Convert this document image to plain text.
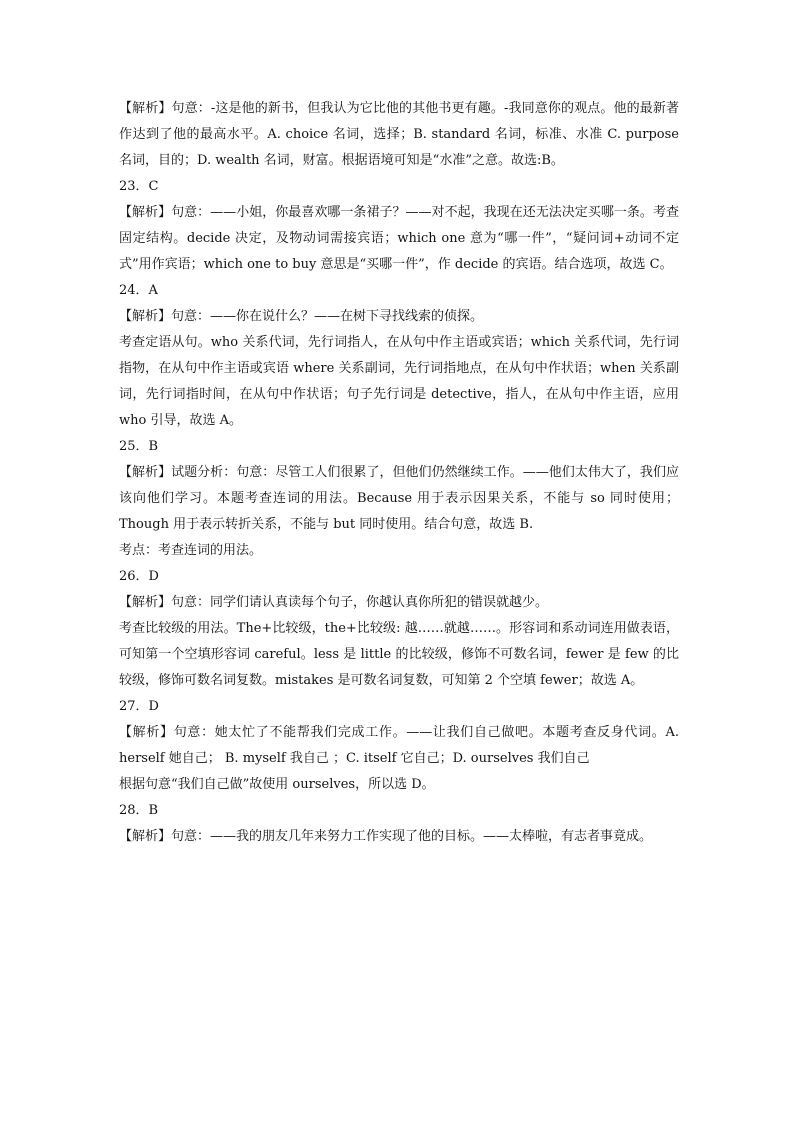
【解析】句意：-这是他的新书，但我认为它比他的其他书更有趣。-我同意你的观点。他的最新著作达到了他的最高水平。A. choice 名词，选择；B. standard 名词，标准、水准 C. purpose 名词，目的；D. wealth 名词，财富。根据语境可知是“水准”之意。故选:B。

23．C

【解析】句意：——小姐，你最喜欢哪一条裙子？——对不起，我现在还无法决定买哪一条。考查固定结构。decide 决定，及物动词需接宾语；which one 意为“哪一件”，“疑问词+动词不定式”用作宾语；which one to buy 意思是“买哪一件”，作 decide 的宾语。结合选项，故选 C。

24．A

【解析】句意：——你在说什么？——在树下寻找线索的侦探。

考查定语从句。who 关系代词，先行词指人，在从句中作主语或宾语；which 关系代词，先行词指物，在从句中作主语或宾语 where 关系副词，先行词指地点，在从句中作状语；when 关系副词，先行词指时间，在从句中作状语；句子先行词是 detective，指人，在从句中作主语，应用 who 引导，故选 A。

25．B

【解析】试题分析：句意：尽管工人们很累了，但他们仍然继续工作。——他们太伟大了，我们应该向他们学习。本题考查连词的用法。Because 用于表示因果关系，不能与 so 同时使用；Though 用于表示转折关系，不能与 but 同时使用。结合句意，故选 B.

考点：考查连词的用法。

26．D

【解析】句意：同学们请认真读每个句子，你越认真你所犯的错误就越少。

考查比较级的用法。The+比较级，the+比较级: 越……就越……。形容词和系动词连用做表语，可知第一个空填形容词 careful。less 是 little 的比较级，修饰不可数名词，fewer 是 few 的比较级，修饰可数名词复数。mistakes 是可数名词复数，可知第 2 个空填 fewer；故选 A。

27．D

【解析】句意：她太忙了不能帮我们完成工作。——让我们自己做吧。本题考查反身代词。A. herself 她自己； B. myself 我自己 ；C. itself 它自己；D. ourselves 我们自己

根据句意“我们自己做”故使用 ourselves，所以选 D。

28．B

【解析】句意：——我的朋友几年来努力工作实现了他的目标。——太棒啦，有志者事竟成。
